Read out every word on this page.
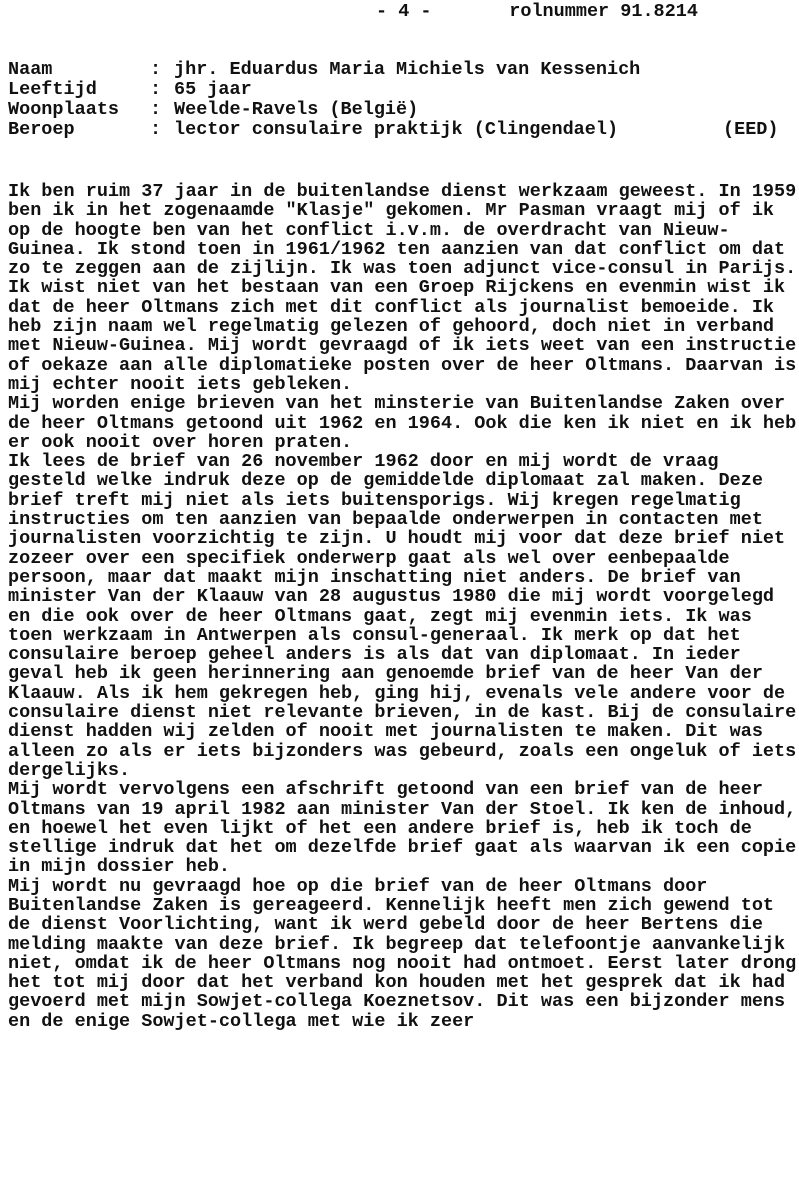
- 4 -	rolnummer 91.8214
Naam	: jhr. Eduardus Maria Michiels van Kessenich
Leeftijd	: 65 jaar
Woonplaats	: Weelde-Ravels (België)
Beroep	: lector consulaire praktijk (Clingendael)	(EED)

Ik ben ruim 37 jaar in de buitenlandse dienst werkzaam geweest. In 1959 ben ik in het zogenaamde "Klasje" gekomen. Mr Pasman vraagt mij of ik op de hoogte ben van het conflict i.v.m. de overdracht van Nieuw-Guinea. Ik stond toen in 1961/1962 ten aanzien van dat conflict om dat zo te zeggen aan de zijlijn. Ik was toen adjunct vice-consul in Parijs. Ik wist niet van het bestaan van een Groep Rijckens en evenmin wist ik dat de heer Oltmans zich met dit conflict als journalist bemoeide. Ik heb zijn naam wel regelmatig gelezen of gehoord, doch niet in verband met Nieuw-Guinea. Mij wordt gevraagd of ik iets weet van een instructie of oekaze aan alle diplomatieke posten over de heer Oltmans. Daarvan is mij echter nooit iets gebleken.

Mij worden enige brieven van het minsterie van Buitenlandse Zaken over de heer Oltmans getoond uit 1962 en 1964. Ook die ken ik niet en ik heb er ook nooit over horen praten.

Ik lees de brief van 26 november 1962 door en mij wordt de vraag gesteld welke indruk deze op de gemiddelde diplomaat zal maken. Deze brief treft mij niet als iets buitensporigs. Wij kregen regelmatig instructies om ten aanzien van bepaalde onderwerpen in contacten met journalisten voorzichtig te zijn. U houdt mij voor dat deze brief niet zozeer over een specifiek onderwerp gaat als wel over eenbepaalde persoon, maar dat maakt mijn inschatting niet anders. De brief van minister Van der Klaauw van 28 augustus 1980 die mij wordt voorgelegd en die ook over de heer Oltmans gaat, zegt mij evenmin iets. Ik was toen werkzaam in Antwerpen als consul-generaal. Ik merk op dat het consulaire beroep geheel anders is als dat van diplomaat. In ieder geval heb ik geen herinnering aan genoemde brief van de heer Van der Klaauw. Als ik hem gekregen heb, ging hij, evenals vele andere voor de consulaire dienst niet relevante brieven, in de kast. Bij de consulaire dienst hadden wij zelden of nooit met journalisten te maken. Dit was alleen zo als er iets bijzonders was gebeurd, zoals een ongeluk of iets dergelijks.

Mij wordt vervolgens een afschrift getoond van een brief van de heer Oltmans van 19 april 1982 aan minister Van der Stoel. Ik ken de inhoud, en hoewel het even lijkt of het een andere brief is, heb ik toch de stellige indruk dat het om dezelfde brief gaat als waarvan ik een copie in mijn dossier heb.

Mij wordt nu gevraagd hoe op die brief van de heer Oltmans door Buitenlandse Zaken is gereageerd. Kennelijk heeft men zich gewend tot de dienst Voorlichting, want ik werd gebeld door de heer Bertens die melding maakte van deze brief. Ik begreep dat telefoontje aanvankelijk niet, omdat ik de heer Oltmans nog nooit had ontmoet. Eerst later drong het tot mij door dat het verband kon houden met het gesprek dat ik had gevoerd met mijn Sowjet-collega Koeznetsov. Dit was een bijzonder mens en de enige Sowjet-collega met wie ik zeer
